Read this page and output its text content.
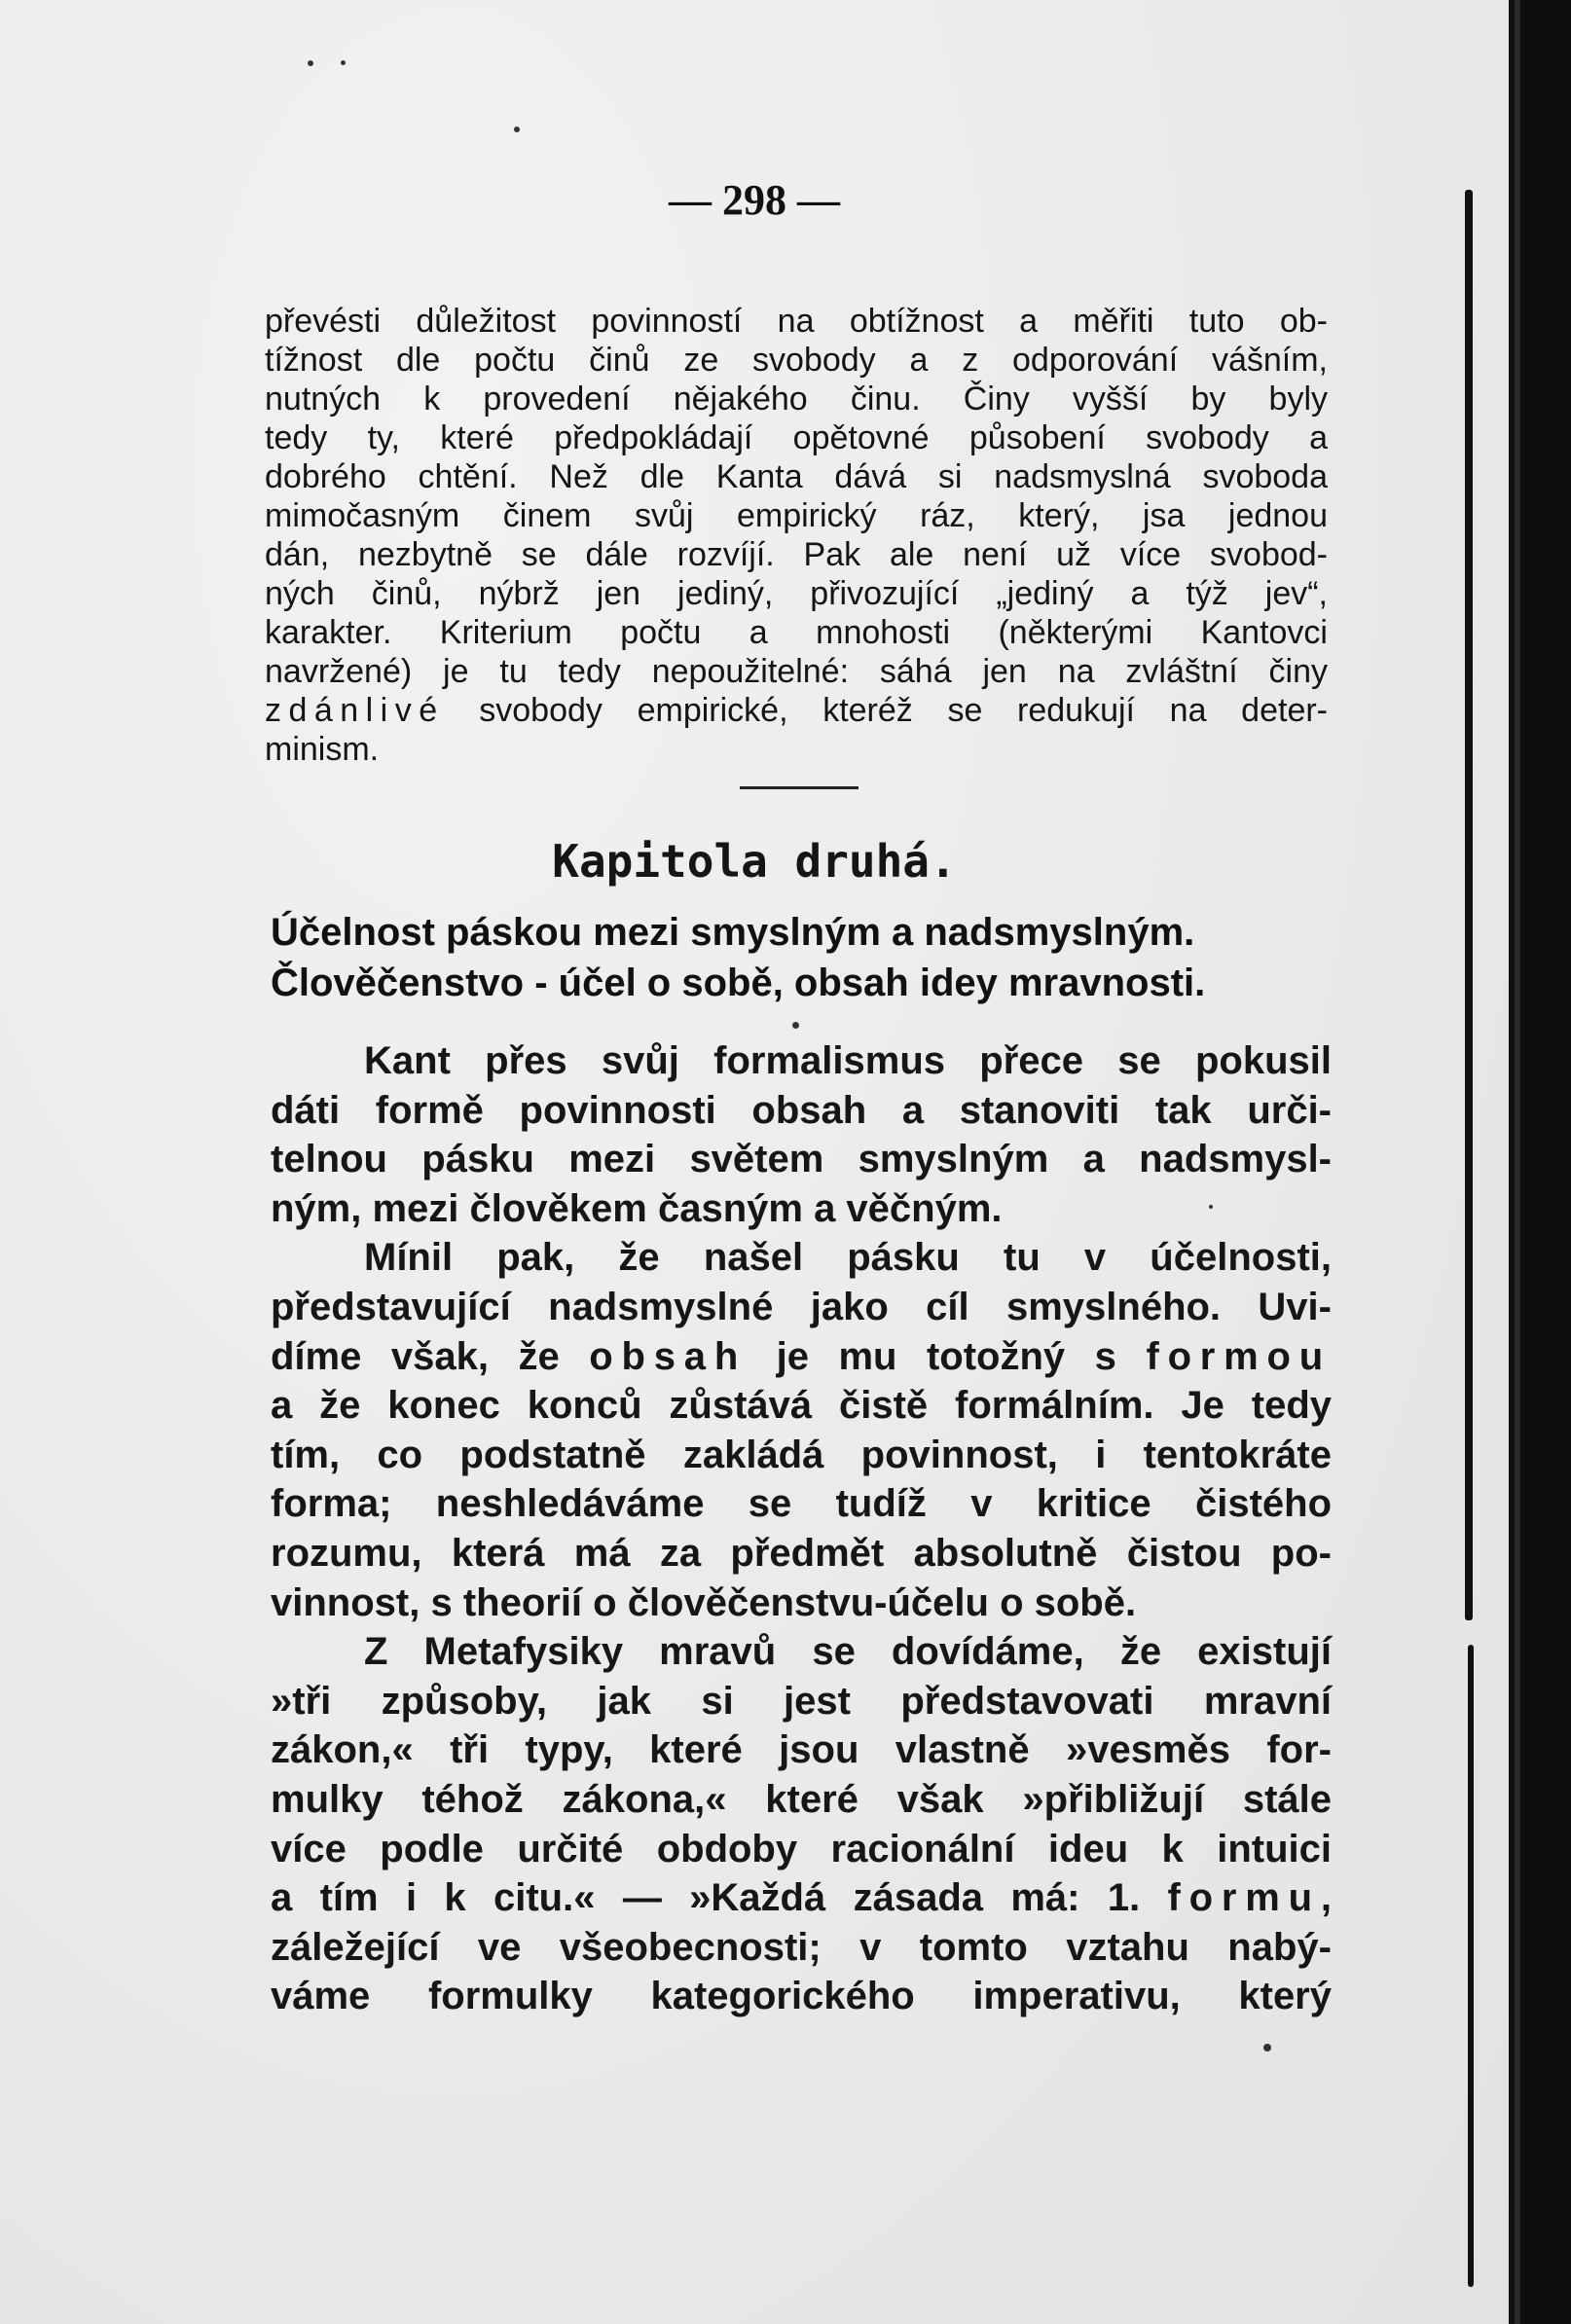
— 298 —

převésti důležitost povinností na obtížnost a měřiti tuto ob-
tížnost dle počtu činů ze svobody a z odporování vášním,
nutných k provedení nějakého činu. Činy vyšší by byly
tedy ty, které předpokládají opětovné působení svobody a
dobrého chtění. Než dle Kanta dává si nadsmyslná svoboda
mimočasným činem svůj empirický ráz, který, jsa jednou
dán, nezbytně se dále rozvíjí. Pak ale není už více svobod-
ných činů, nýbrž jen jediný, přivozující „jediný a týž jev“,
karakter. Kriterium počtu a mnohosti (některými Kantovci
navržené) je tu tedy nepoužitelné: sáhá jen na zvláštní činy
zdánlivé svobody empirické, kteréž se redukují na deter-
minism.

Kapitola druhá.
Účelnost páskou mezi smyslným a nadsmyslným.
Člověčenstvo - účel o sobě, obsah idey mravnosti.
Kant přes svůj formalismus přece se pokusil
dáti formě povinnosti obsah a stanoviti tak urči-
telnou pásku mezi světem smyslným a nadsmysl-
ným, mezi člověkem časným a věčným.
Mínil pak, že našel pásku tu v účelnosti,
představující nadsmyslné jako cíl smyslného. Uvi-
díme však, že obsah je mu totožný s formou
a že konec konců zůstává čistě formálním. Je tedy
tím, co podstatně zakládá povinnost, i tentokráte
forma; neshledáváme se tudíž v kritice čistého
rozumu, která má za předmět absolutně čistou po-
vinnost, s theorií o člověčenstvu-účelu o sobě.
Z Metafysiky mravů se dovídáme, že existují
»tři způsoby, jak si jest představovati mravní
zákon,« tři typy, které jsou vlastně »vesměs for-
mulky téhož zákona,« které však »přibližují stále
více podle určité obdoby racionální ideu k intuici
a tím i k citu.« — »Každá zásada má: 1. formu,
záležející ve všeobecnosti; v tomto vztahu nabý-
váme formulky kategorického imperativu, který
